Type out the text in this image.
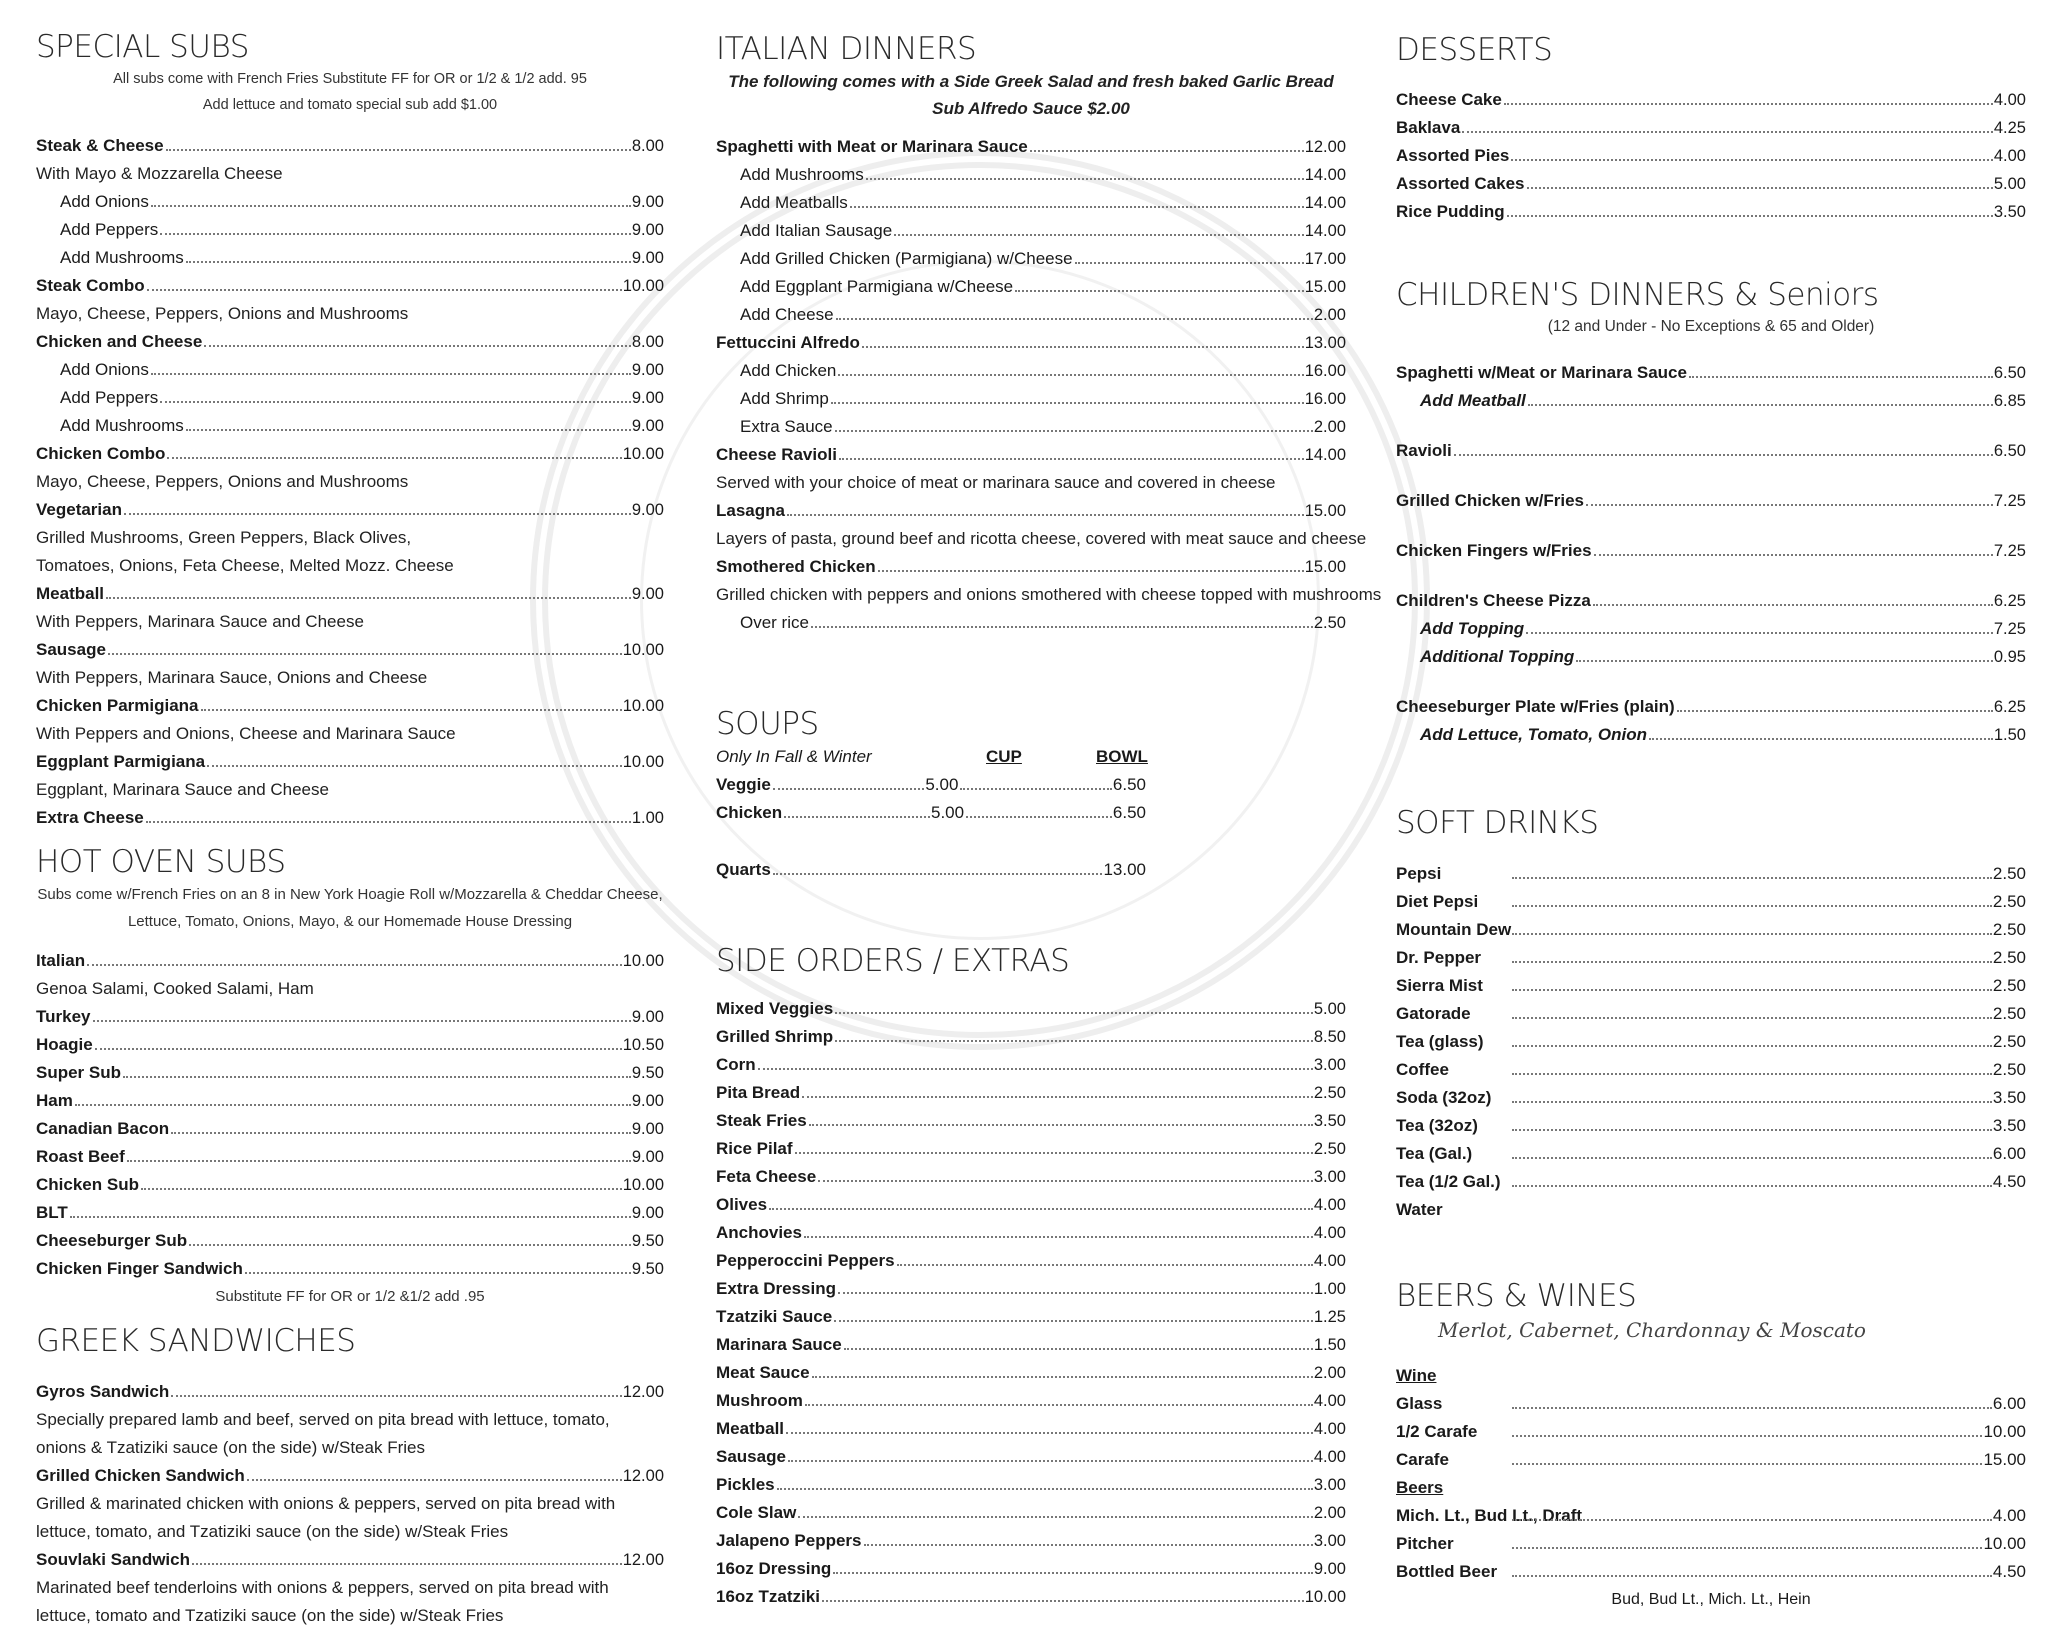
SPECIAL SUBS
All subs come with French Fries Substitute FF for OR or 1/2 & 1/2 add. 95
Add lettuce and tomato special sub add $1.00
Steak & Cheese	8.00
With Mayo & Mozzarella Cheese
Add Onions	9.00
Add Peppers	9.00
Add Mushrooms	9.00
Steak Combo	10.00
Mayo, Cheese, Peppers, Onions and Mushrooms
Chicken and Cheese	8.00
Add Onions	9.00
Add Peppers	9.00
Add Mushrooms	9.00
Chicken Combo	10.00
Mayo, Cheese, Peppers, Onions and Mushrooms
Vegetarian	9.00
Grilled Mushrooms, Green Peppers, Black Olives,
Tomatoes, Onions, Feta Cheese, Melted Mozz. Cheese
Meatball	9.00
With Peppers, Marinara Sauce and Cheese
Sausage	10.00
With Peppers, Marinara Sauce, Onions and Cheese
Chicken Parmigiana	10.00
With Peppers and Onions, Cheese and Marinara Sauce
Eggplant Parmigiana	10.00
Eggplant, Marinara Sauce and Cheese
Extra Cheese	1.00
HOT OVEN SUBS
Subs come w/French Fries on an 8 in New York Hoagie Roll w/Mozzarella & Cheddar Cheese,
Lettuce, Tomato, Onions, Mayo, & our Homemade House Dressing
Italian	10.00
Genoa Salami, Cooked Salami, Ham
Turkey	9.00
Hoagie	10.50
Super Sub	9.50
Ham	9.00
Canadian Bacon	9.00
Roast Beef	9.00
Chicken Sub	10.00
BLT	9.00
Cheeseburger Sub	9.50
Chicken Finger Sandwich	9.50
Substitute FF for OR or 1/2 &1/2 add .95
GREEK SANDWICHES
Gyros Sandwich	12.00
Specially prepared lamb and beef, served on pita bread with lettuce, tomato,
onions & Tzatiziki sauce (on the side) w/Steak Fries
Grilled Chicken Sandwich	12.00
Grilled & marinated chicken with onions & peppers, served on pita bread with
lettuce, tomato, and Tzatiziki sauce (on the side) w/Steak Fries
Souvlaki Sandwich	12.00
Marinated beef tenderloins with onions & peppers, served on pita bread with
lettuce, tomato and Tzatiziki sauce (on the side) w/Steak Fries
ITALIAN DINNERS
The following comes with a Side Greek Salad and fresh baked Garlic Bread
Sub Alfredo Sauce $2.00
Spaghetti with Meat or Marinara Sauce	12.00
Add Mushrooms	14.00
Add Meatballs	14.00
Add Italian Sausage	14.00
Add Grilled Chicken (Parmigiana) w/Cheese	17.00
Add Eggplant Parmigiana w/Cheese	15.00
Add Cheese	2.00
Fettuccini Alfredo	13.00
Add Chicken	16.00
Add Shrimp	16.00
Extra Sauce	2.00
Cheese Ravioli	14.00
Served with your choice of meat or marinara sauce and covered in cheese
Lasagna	15.00
Layers of pasta, ground beef and ricotta cheese, covered with meat sauce and cheese
Smothered Chicken	15.00
Grilled chicken with peppers and onions smothered with cheese topped with mushrooms
Over rice	2.50
SOUPS
Only In Fall & Winter	CUP	BOWL
Veggie	5.00	6.50
Chicken	5.00	6.50
Quarts	13.00
SIDE ORDERS / EXTRAS
Mixed Veggies	5.00
Grilled Shrimp	8.50
Corn	3.00
Pita Bread	2.50
Steak Fries	3.50
Rice Pilaf	2.50
Feta Cheese	3.00
Olives	4.00
Anchovies	4.00
Pepperoccini Peppers	4.00
Extra Dressing	1.00
Tzatziki Sauce	1.25
Marinara Sauce	1.50
Meat Sauce	2.00
Mushroom	4.00
Meatball	4.00
Sausage	4.00
Pickles	3.00
Cole Slaw	2.00
Jalapeno Peppers	3.00
16oz Dressing	9.00
16oz Tzatziki	10.00
DESSERTS
Cheese Cake	4.00
Baklava	4.25
Assorted Pies	4.00
Assorted Cakes	5.00
Rice Pudding	3.50
CHILDREN'S DINNERS & Seniors
(12 and Under - No Exceptions & 65 and Older)
Spaghetti w/Meat or Marinara Sauce	6.50
Add Meatball	6.85
Ravioli	6.50
Grilled Chicken w/Fries	7.25
Chicken Fingers w/Fries	7.25
Children's Cheese Pizza	6.25
Add Topping	7.25
Additional Topping	0.95
Cheeseburger Plate w/Fries (plain)	6.25
Add Lettuce, Tomato, Onion	1.50
SOFT DRINKS
Pepsi	2.50
Diet Pepsi	2.50
Mountain Dew	2.50
Dr. Pepper	2.50
Sierra Mist	2.50
Gatorade	2.50
Tea (glass)	2.50
Coffee	2.50
Soda (32oz)	3.50
Tea (32oz)	3.50
Tea (Gal.)	6.00
Tea (1/2 Gal.)	4.50
Water
BEERS & WINES
Merlot, Cabernet, Chardonnay & Moscato
Wine
Glass	6.00
1/2 Carafe	10.00
Carafe	15.00
Beers
Mich. Lt., Bud Lt., Draft	4.00
Pitcher	10.00
Bottled Beer	4.50
Bud, Bud Lt., Mich. Lt., Hein
